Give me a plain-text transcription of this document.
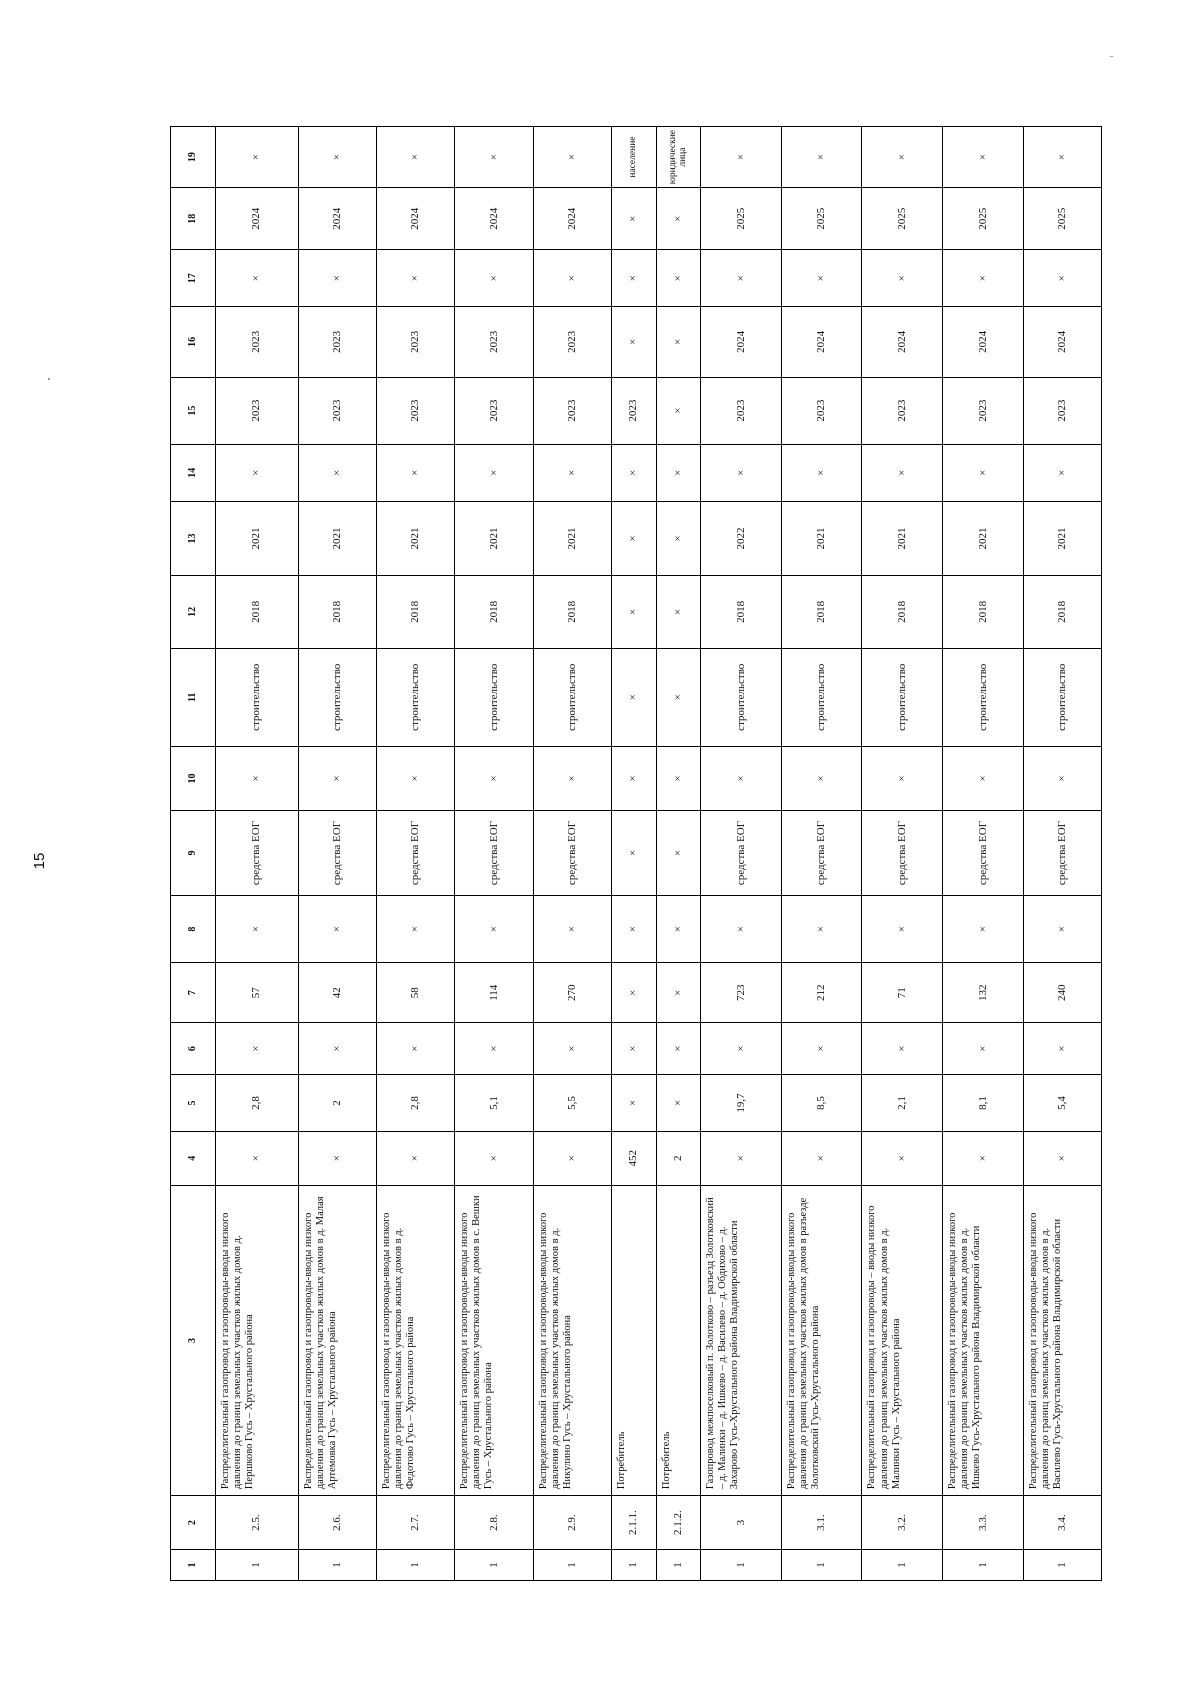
15
1	2	3	4	5	6	7	8	9	10	11	12	13	14	15	16	17	18	19
1	2.5.	Распределительный газопровод и газопроводы-вводы низкого давления до границ земельных участков жилых домов д. Першково Гусь – Хрустального района	×	2,8	×	57	×	средства ЕОГ	×	строительство	2018	2021	×	2023	2023	×	2024	×
1	2.6.	Распределительный газопровод и газопроводы-вводы низкого давления до границ земельных участков жилых домов в д. Малая Артемовка Гусь – Хрустального района	×	2	×	42	×	средства ЕОГ	×	строительство	2018	2021	×	2023	2023	×	2024	×
1	2.7.	Распределительный газопровод и газопроводы-вводы низкого давления до границ земельных участков жилых домов в д. Федотово Гусь – Хрустального района	×	2,8	×	58	×	средства ЕОГ	×	строительство	2018	2021	×	2023	2023	×	2024	×
1	2.8.	Распределительный газопровод и газопроводы-вводы низкого давления до границ земельных участков жилых домов в с. Вешки Гусь – Хрустального района	×	5,1	×	114	×	средства ЕОГ	×	строительство	2018	2021	×	2023	2023	×	2024	×
1	2.9.	Распределительный газопровод и газопроводы-вводы низкого давления до границ земельных участков жилых домов в д. Никулино Гусь – Хрустального района	×	5,5	×	270	×	средства ЕОГ	×	строительство	2018	2021	×	2023	2023	×	2024	×
1	2.1.1.	Потребитель	452	×	×	×	×	×	×	×	×	×	×	2023	×	×	×	население
1	2.1.2.	Потребитель	2	×	×	×	×	×	×	×	×	×	×	×	×	×	×	юридические лица
1	3	Газопровод межпоселковый п. Золотково – разъезд Золотковский – д. Малинки – д. Ишкево – д. Василево – д. Обдихово – д. Захарово Гусь-Хрустального района Владимирской области	×	19,7	×	723	×	средства ЕОГ	×	строительство	2018	2022	×	2023	2024	×	2025	×
1	3.1.	Распределительный газопровод и газопроводы-вводы низкого давления до границ земельных участков жилых домов в разъезде Золотковский Гусь-Хрустального района	×	8,5	×	212	×	средства ЕОГ	×	строительство	2018	2021	×	2023	2024	×	2025	×
1	3.2.	Распределительный газопровод и газопроводы – вводы низкого давления до границ земельных участков жилых домов в д. Малинки Гусь – Хрустального района	×	2,1	×	71	×	средства ЕОГ	×	строительство	2018	2021	×	2023	2024	×	2025	×
1	3.3.	Распределительный газопровод и газопроводы-вводы низкого давления до границ земельных участков жилых домов в д. Ишкево Гусь-Хрустального района Владимирской области	×	8,1	×	132	×	средства ЕОГ	×	строительство	2018	2021	×	2023	2024	×	2025	×
1	3.4.	Распределительный газопровод и газопроводы-вводы низкого давления до границ земельных участков жилых домов в д. Василево Гусь-Хрустального района Владимирской области	×	5,4	×	240	×	средства ЕОГ	×	строительство	2018	2021	×	2023	2024	×	2025	×
